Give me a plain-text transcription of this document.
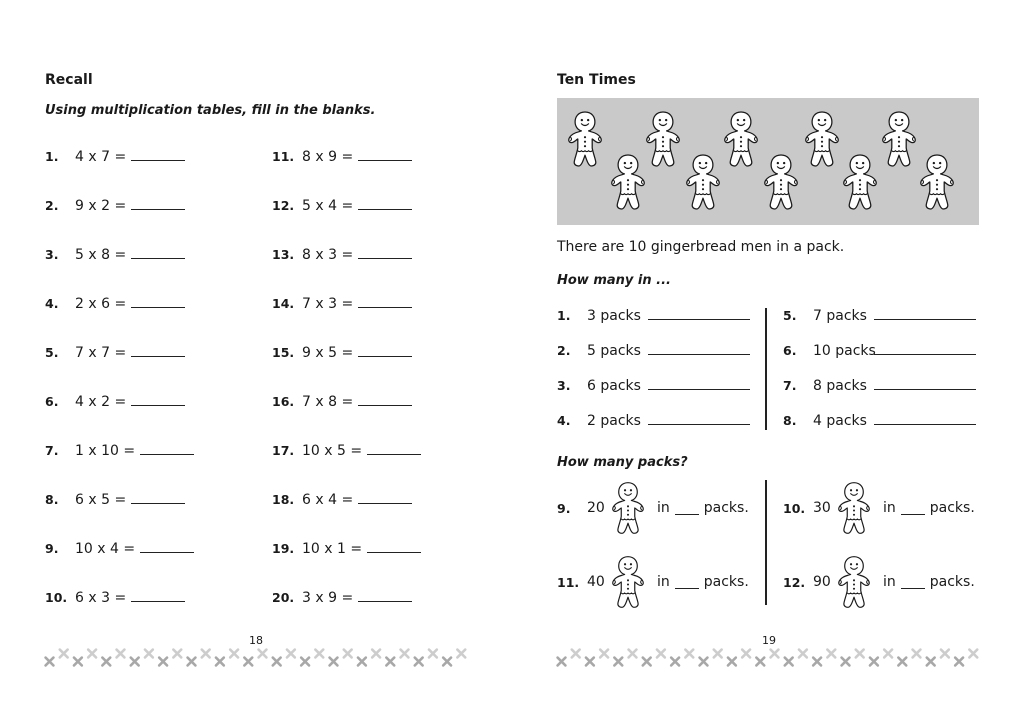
Recall
Using multiplication tables, fill in the blanks.
1. 4 x 7 =
2. 9 x 2 =
3. 5 x 8 =
4. 2 x 6 =
5. 7 x 7 =
6. 4 x 2 =
7. 1 x 10 =
8. 6 x 5 =
9. 10 x 4 =
10. 6 x 3 =
11. 8 x 9 =
12. 5 x 4 =
13. 8 x 3 =
14. 7 x 3 =
15. 9 x 5 =
16. 7 x 8 =
17. 10 x 5 =
18. 6 x 4 =
19. 10 x 1 =
20. 3 x 9 =
18
Ten Times
There are 10 gingerbread men in a pack.
How many in ...
1. 3 packs
2. 5 packs
3. 6 packs
4. 2 packs
5. 7 packs
6. 10 packs
7. 8 packs
8. 4 packs
How many packs?
9.	20	in packs.	10. 30	in packs.
11. 40	in packs.	12. 90	in packs.
19
